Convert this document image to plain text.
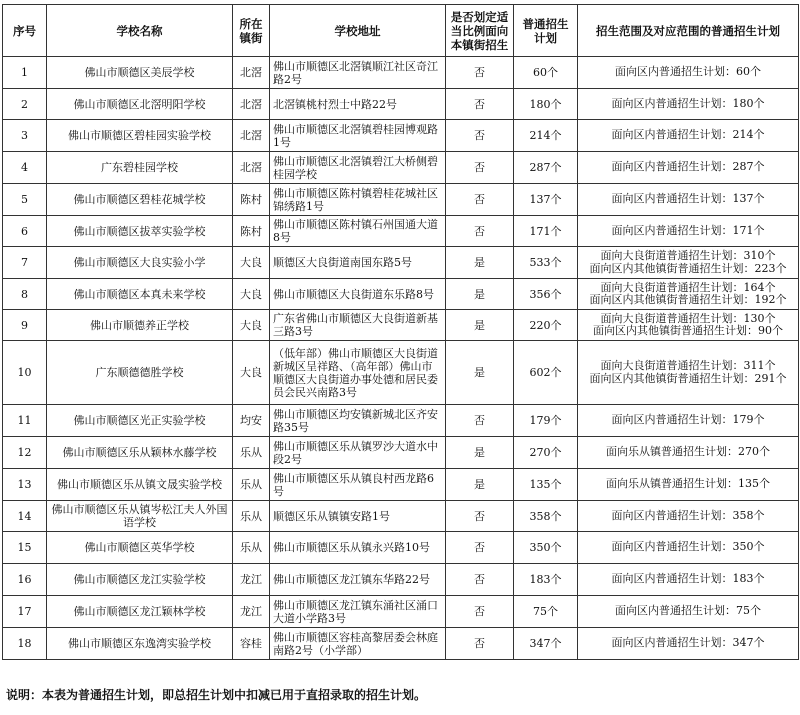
序号	学校名称	所在镇街	学校地址	是否划定适当比例面向本镇街招生	普通招生计划	招生范围及对应范围的普通招生计划
1	佛山市顺德区美辰学校	北滘	佛山市顺德区北滘镇顺江社区奇江路2号	否	60个	面向区内普通招生计划：60个

2	佛山市顺德区北滘明阳学校	北滘	北滘镇桃村烈士中路22号	否	180个	面向区内普通招生计划：180个

3	佛山市顺德区碧桂园实验学校	北滘	佛山市顺德区北滘镇碧桂园博观路1号	否	214个	面向区内普通招生计划：214个

4	广东碧桂园学校	北滘	佛山市顺德区北滘镇碧江大桥侧碧桂园学校	否	287个	面向区内普通招生计划：287个

5	佛山市顺德区碧桂花城学校	陈村	佛山市顺德区陈村镇碧桂花城社区锦绣路1号	否	137个	面向区内普通招生计划：137个

6	佛山市顺德区拔萃实验学校	陈村	佛山市顺德区陈村镇石州国通大道8号	否	171个	面向区内普通招生计划：171个

7	佛山市顺德区大良实验小学	大良	顺德区大良街道南国东路5号	是	533个	面向大良街道普通招生计划：310个
面向区内其他镇街普通招生计划：223个

8	佛山市顺德区本真未来学校	大良	佛山市顺德区大良街道东乐路8号	是	356个	面向大良街道普通招生计划：164个
面向区内其他镇街普通招生计划：192个

9	佛山市顺德养正学校	大良	广东省佛山市顺德区大良街道新基三路3号	是	220个	面向大良街道普通招生计划：130个
面向区内其他镇街普通招生计划：90个

10	广东顺德德胜学校	大良	（低年部）佛山市顺德区大良街道新城区呈祥路、（高年部）佛山市顺德区大良街道办事处德和居民委员会民兴南路3号	是	602个	面向大良街道普通招生计划：311个
面向区内其他镇街普通招生计划：291个

11	佛山市顺德区光正实验学校	均安	佛山市顺德区均安镇新城北区齐安路35号	否	179个	面向区内普通招生计划：179个

12	佛山市顺德区乐从颖林水藤学校	乐从	佛山市顺德区乐从镇罗沙大道水中段2号	是	270个	面向乐从镇普通招生计划：270个

13	佛山市顺德区乐从镇文晟实验学校	乐从	佛山市顺德区乐从镇良村西龙路6号	是	135个	面向乐从镇普通招生计划：135个

14	佛山市顺德区乐从镇岑松江夫人外国语学校	乐从	顺德区乐从镇镇安路1号	否	358个	面向区内普通招生计划：358个

15	佛山市顺德区英华学校	乐从	佛山市顺德区乐从镇永兴路10号	否	350个	面向区内普通招生计划：350个

16	佛山市顺德区龙江实验学校	龙江	佛山市顺德区龙江镇东华路22号	否	183个	面向区内普通招生计划：183个

17	佛山市顺德区龙江颖林学校	龙江	佛山市顺德区龙江镇东涌社区涌口大道小学路3号	否	75个	面向区内普通招生计划：75个

18	佛山市顺德区东逸湾实验学校	容桂	佛山市顺德区容桂高黎居委会林庭南路2号（小学部）	否	347个	面向区内普通招生计划：347个
说明：本表为普通招生计划，即总招生计划中扣减已用于直招录取的招生计划。
